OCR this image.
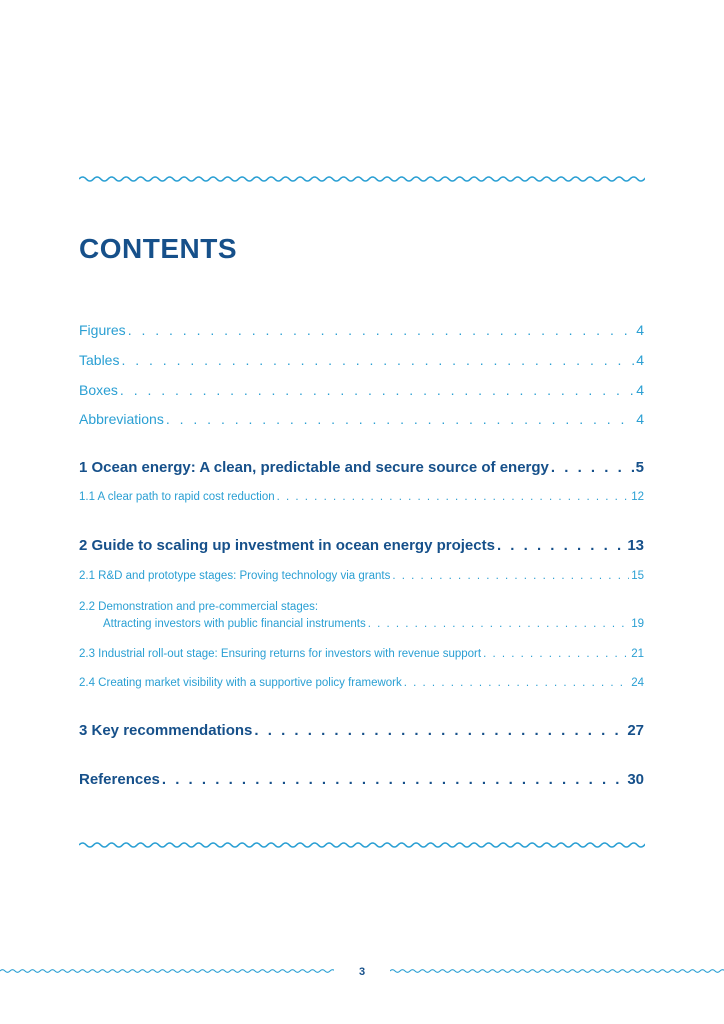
CONTENTS
Figures . . .	4
Tables . . .	4
Boxes . . .	4
Abbreviations . . .	4
1 Ocean energy: A clean, predictable and secure source of energy . . .	5
1.1 A clear path to rapid cost reduction . . .	12
2 Guide to scaling up investment in ocean energy projects . . .	13
2.1 R&D and prototype stages: Proving technology via grants . . .	15
2.2 Demonstration and pre-commercial stages:
Attracting investors with public financial instruments . . .	19
2.3 Industrial roll-out stage: Ensuring returns for investors with revenue support . . .	21
2.4 Creating market visibility with a supportive policy framework . . .	24
3 Key recommendations . . .	27
References . . .	30
3
